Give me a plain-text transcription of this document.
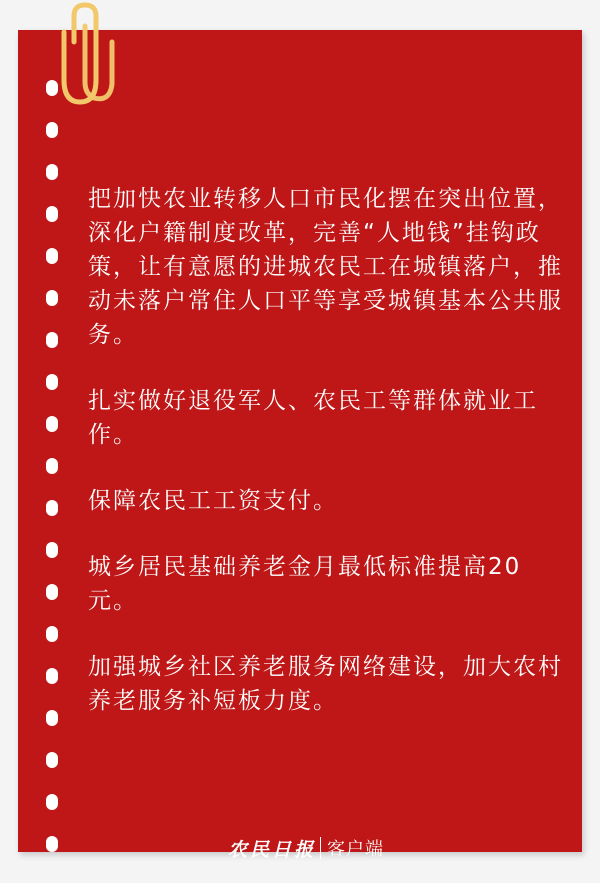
把加快农业转移人口市民化摆在突出位置，深化户籍制度改革，完善“人地钱”挂钩政策，让有意愿的进城农民工在城镇落户，推动未落户常住人口平等享受城镇基本公共服务。

扎实做好退役军人、农民工等群体就业工作。

保障农民工工资支付。

城乡居民基础养老金月最低标准提高20元。

加强城乡社区养老服务网络建设，加大农村养老服务补短板力度。

农民日报 客户端
